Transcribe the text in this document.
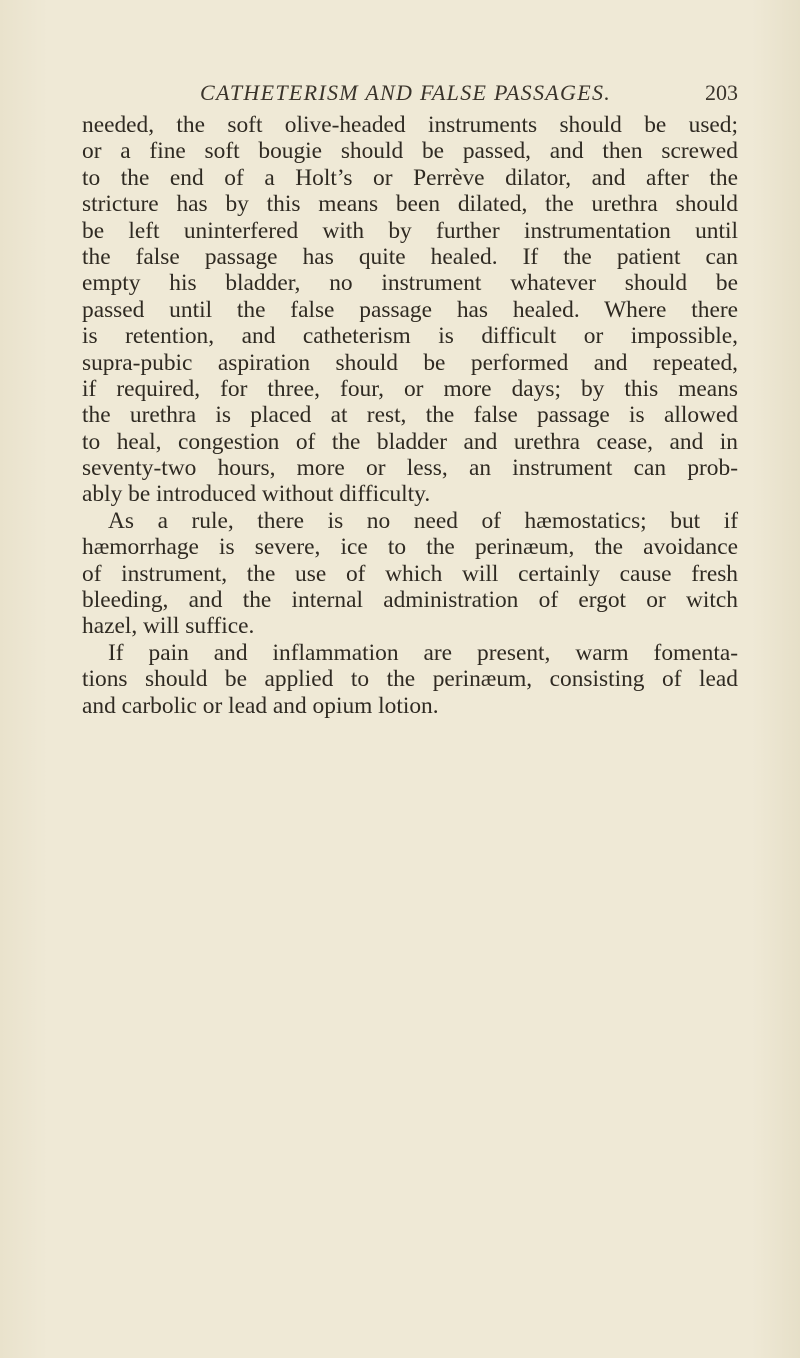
CATHETERISM AND FALSE PASSAGES.	203
needed, the soft olive-headed instruments should be used;
or a fine soft bougie should be passed, and then screwed
to the end of a Holt’s or Perrève dilator, and after the
stricture has by this means been dilated, the urethra should
be left uninterfered with by further instrumentation until
the false passage has quite healed. If the patient can
empty his bladder, no instrument whatever should be
passed until the false passage has healed. Where there
is retention, and catheterism is difficult or impossible,
supra-pubic aspiration should be performed and repeated,
if required, for three, four, or more days; by this means
the urethra is placed at rest, the false passage is allowed
to heal, congestion of the bladder and urethra cease, and in
seventy-two hours, more or less, an instrument can prob-
ably be introduced without difficulty.
As a rule, there is no need of hæmostatics; but if
hæmorrhage is severe, ice to the perinæum, the avoidance
of instrument, the use of which will certainly cause fresh
bleeding, and the internal administration of ergot or witch
hazel, will suffice.
If pain and inflammation are present, warm fomenta-
tions should be applied to the perinæum, consisting of lead
and carbolic or lead and opium lotion.
